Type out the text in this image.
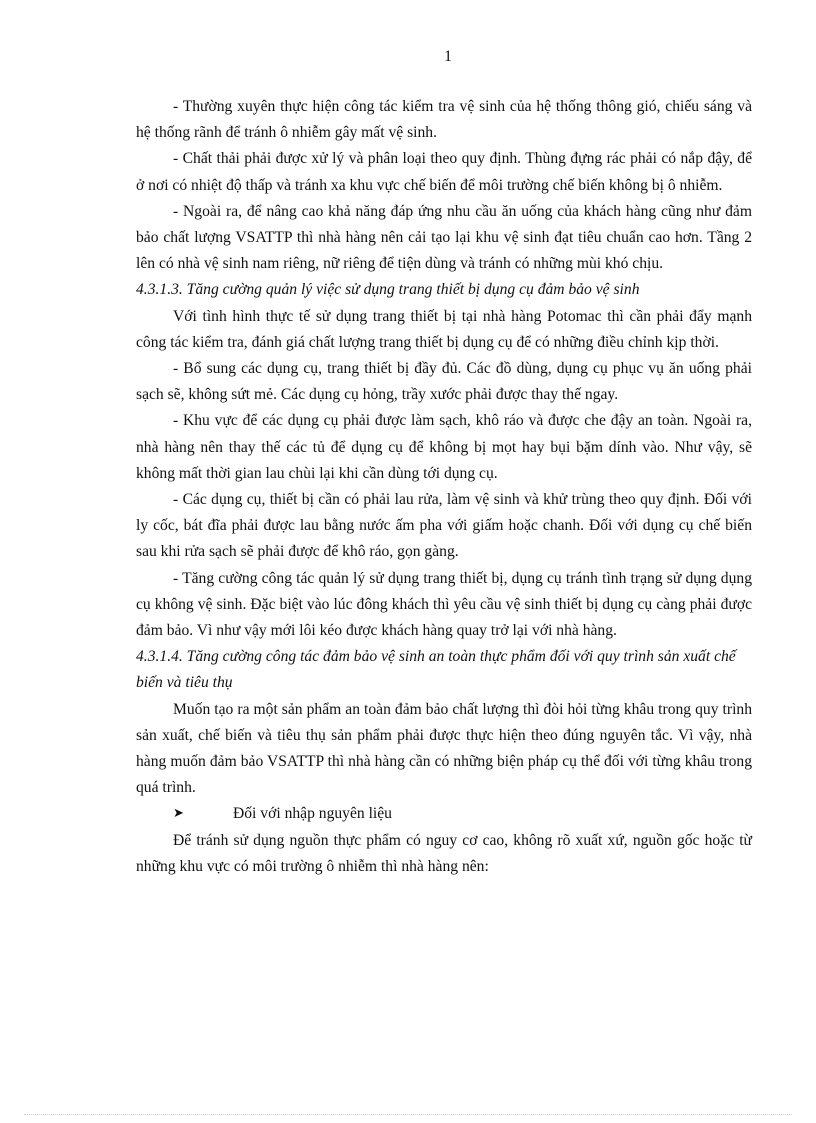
1

- Thường xuyên thực hiện công tác kiểm tra vệ sinh của hệ thống thông gió, chiếu sáng và hệ thống rãnh để tránh ô nhiễm gây mất vệ sinh.

- Chất thải phải được xử lý và phân loại theo quy định. Thùng đựng rác phải có nắp đậy, để ở nơi có nhiệt độ thấp và tránh xa khu vực chế biến để môi trường chế biến không bị ô nhiễm.

- Ngoài ra, để nâng cao khả năng đáp ứng nhu cầu ăn uống của khách hàng cũng như đảm bảo chất lượng VSATTP thì nhà hàng nên cải tạo lại khu vệ sinh đạt tiêu chuẩn cao hơn. Tầng 2 lên có nhà vệ sinh nam riêng, nữ riêng để tiện dùng và tránh có những mùi khó chịu.

4.3.1.3. Tăng cường quản lý việc sử dụng trang thiết bị dụng cụ đảm bảo vệ sinh

Với tình hình thực tế sử dụng trang thiết bị tại nhà hàng Potomac thì cần phải đẩy mạnh công tác kiểm tra, đánh giá chất lượng trang thiết bị dụng cụ để có những điều chỉnh kịp thời.

- Bổ sung các dụng cụ, trang thiết bị đầy đủ. Các đồ dùng, dụng cụ phục vụ ăn uống phải sạch sẽ, không sứt mẻ. Các dụng cụ hỏng, trầy xước phải được thay thế ngay.

- Khu vực để các dụng cụ phải được làm sạch, khô ráo và được che đậy an toàn. Ngoài ra, nhà hàng nên thay thế các tủ để dụng cụ để không bị mọt hay bụi bặm dính vào. Như vậy, sẽ không mất thời gian lau chùi lại khi cần dùng tới dụng cụ.

- Các dụng cụ, thiết bị cần có phải lau rửa, làm vệ sinh và khử trùng theo quy định. Đối với ly cốc, bát đĩa phải được lau bằng nước ấm pha với giấm hoặc chanh. Đối với dụng cụ chế biến sau khi rửa sạch sẽ phải được để khô ráo, gọn gàng.

- Tăng cường công tác quản lý sử dụng trang thiết bị, dụng cụ tránh tình trạng sử dụng dụng cụ không vệ sinh. Đặc biệt vào lúc đông khách thì yêu cầu vệ sinh thiết bị dụng cụ càng phải được đảm bảo. Vì như vậy mới lôi kéo được khách hàng quay trở lại với nhà hàng.

4.3.1.4. Tăng cường công tác đảm bảo vệ sinh an toàn thực phẩm đối với quy trình sản xuất chế biến và tiêu thụ

Muốn tạo ra một sản phẩm an toàn đảm bảo chất lượng thì đòi hỏi từng khâu trong quy trình sản xuất, chế biến và tiêu thụ sản phẩm phải được thực hiện theo đúng nguyên tắc. Vì vậy, nhà hàng muốn đảm bảo VSATTP thì nhà hàng cần có những biện pháp cụ thể đối với từng khâu trong quá trình.

➤	Đối với nhập nguyên liệu

Để tránh sử dụng nguồn thực phẩm có nguy cơ cao, không rõ xuất xứ, nguồn gốc hoặc từ những khu vực có môi trường ô nhiễm thì nhà hàng nên:
